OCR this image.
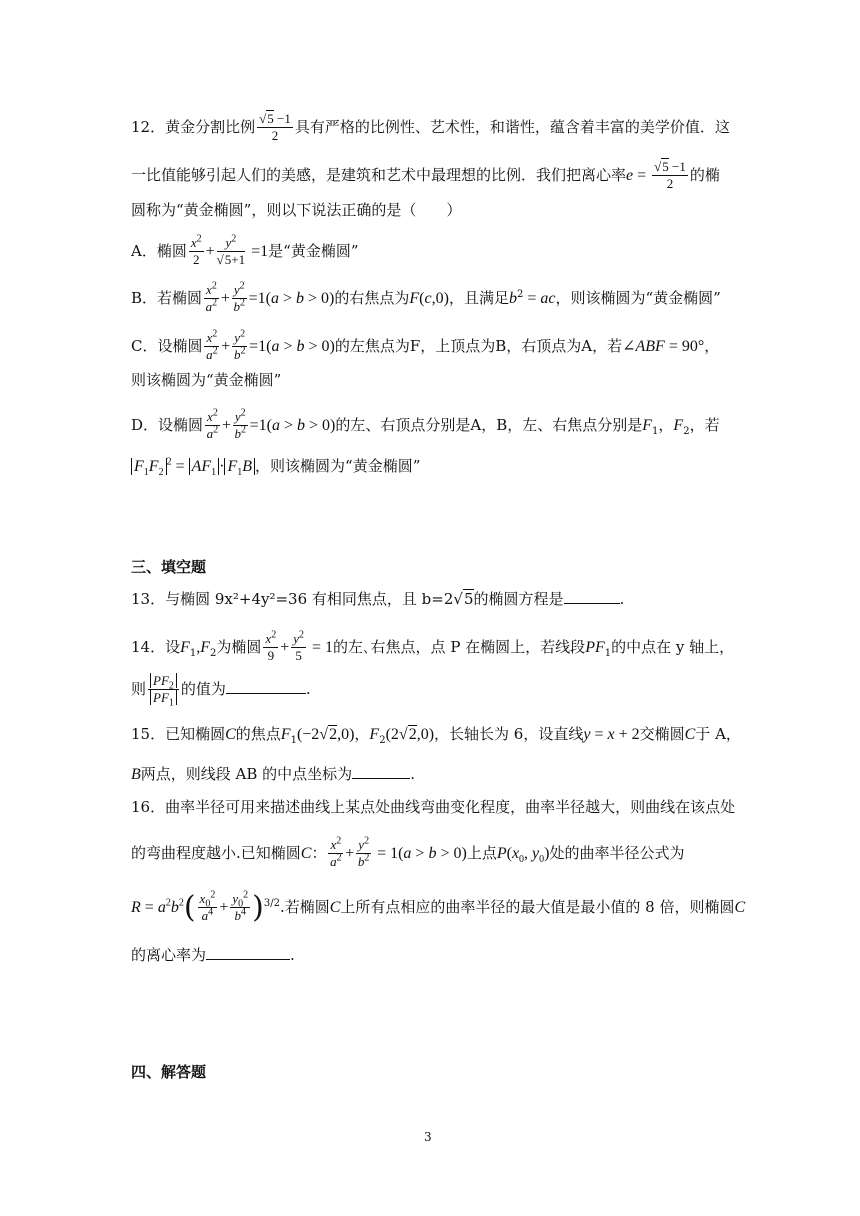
12．黄金分割比例 $\frac{√5 -1}{2}$ 具有严格的比例性、艺术性，和谐性，蕴含着丰富的美学价值．这
一比值能够引起人们的美感，是建筑和艺术中最理想的比例．我们把离心率$e = \frac{√5 -1}{2}$ 的椭
圆称为“黄金椭圆”，则以下说法正确的是（　　）
A．椭圆 $\frac{x^2}{2} + \frac{y^2}{√5+1} =1$是“黄金椭圆”
B．若椭圆 $\frac{x^2}{a^2} + \frac{y^2}{b^2} =1(a > b > 0)$的右焦点为F(c,0)，且满足$b^2$ = ac，则该椭圆为“黄金椭圆”
C．设椭圆 $\frac{x^2}{a^2} + \frac{y^2}{b^2} =1(a > b > 0)$的左焦点为F，上顶点为B，右顶点为A，若∠ABF = 90°，
则该椭圆为“黄金椭圆”
D．设椭圆 $\frac{x^2}{a^2} + \frac{y^2}{b^2} =1(a > b > 0)$的左、右顶点分别是A，B，左、右焦点分别是$F_1$，$F_2$，若
$F_1F_2^2 = AF_1 \cdot F_1B$ ，则该椭圆为“黄金椭圆”
三、填空题
13．与椭圆 9x²+4y²=36 有相同焦点，且 b=2√5的椭圆方程是	.
14．设$F_1,F_2$为椭圆 $\frac{x^2}{9} + \frac{y^2}{5} = 1$的左､右焦点，点 P 在椭圆上，若线段$PF_1$的中点在 y 轴上，
则 $\frac{PF_2}{PF_1}$ 的值为	.
15．已知椭圆C的焦点$F_1(-2√2,0)$，$F_2(2√2,0)$，长轴长为 6，设直线y = x + 2交椭圆C于 A，
B两点，则线段 AB 的中点坐标为	.
16．曲率半径可用来描述曲线上某点处曲线弯曲变化程度，曲率半径越大，则曲线在该点处
的弯曲程度越小.已知椭圆C： $\frac{x^2}{a^2} + \frac{y^2}{b^2} = 1(a > b > 0)$上点$P(x_0$, $y_0$)处的曲率半径公式为
$R = a^2b^2( \frac{x_0^2}{a^4} + \frac{y_0^2}{b^4} )^{3/2}$.若椭圆C上所有点相应的曲率半径的最大值是最小值的 8 倍，则椭圆C
的离心率为	.
四、解答题
3
